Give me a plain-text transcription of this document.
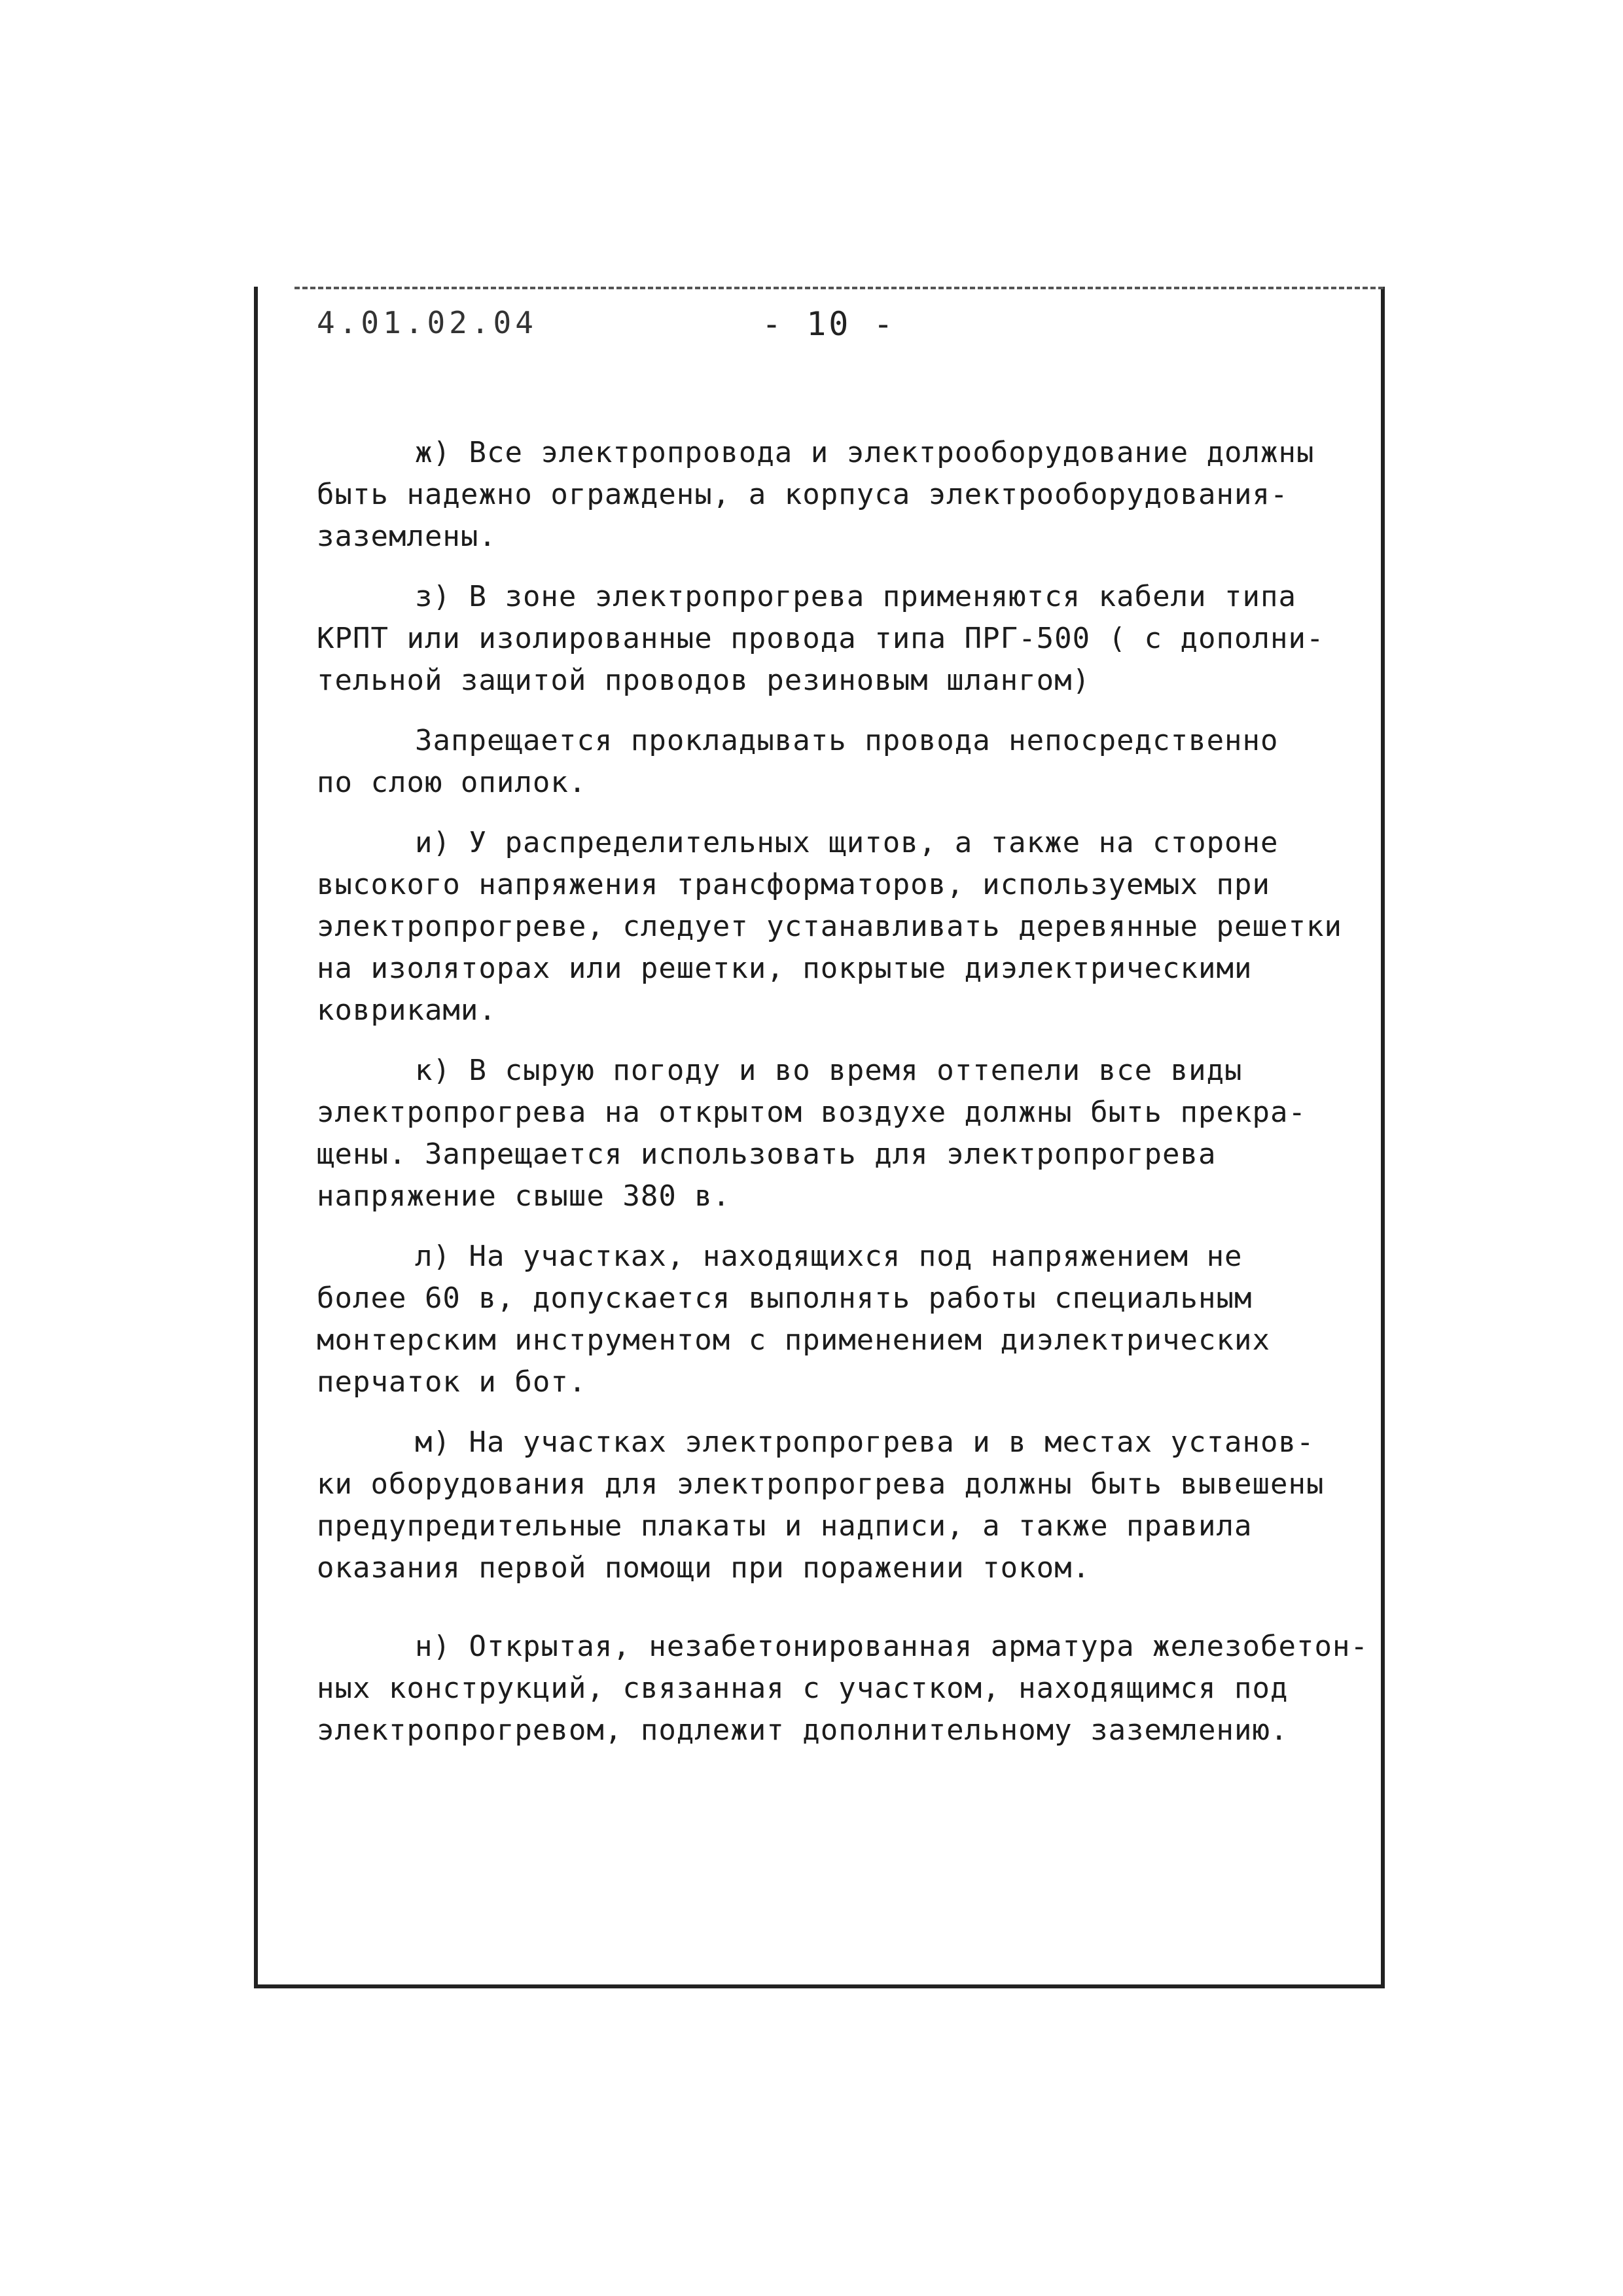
4.01.02.04	- 10 -
ж) Все электропровода и электрооборудование должны
быть надежно ограждены, а корпуса электрооборудования-
заземлены.
з) В зоне электропрогрева применяются кабели типа
КРПТ или изолированные провода типа ПРГ-500 ( с дополни-
тельной защитой проводов резиновым шлангом)
Запрещается прокладывать провода непосредственно
по слою опилок.
и) У распределительных щитов, а также на стороне
высокого напряжения трансформаторов, используемых при
электропрогреве, следует устанавливать деревянные решетки
на изоляторах или решетки, покрытые диэлектрическими
ковриками.
к) В сырую погоду и во время оттепели все виды
электропрогрева на открытом воздухе должны быть прекра-
щены. Запрещается использовать для электропрогрева
напряжение свыше 380 в.
л) На участках, находящихся под напряжением не
более 60 в, допускается выполнять работы специальным
монтерским инструментом с применением диэлектрических
перчаток и бот.
м) На участках электропрогрева и в местах установ-
ки оборудования для электропрогрева должны быть вывешены
предупредительные плакаты и надписи, а также правила
оказания первой помощи при поражении током.
н) Открытая, незабетонированная арматура железобетон-
ных конструкций, связанная с участком, находящимся под
электропрогревом, подлежит дополнительному заземлению.
